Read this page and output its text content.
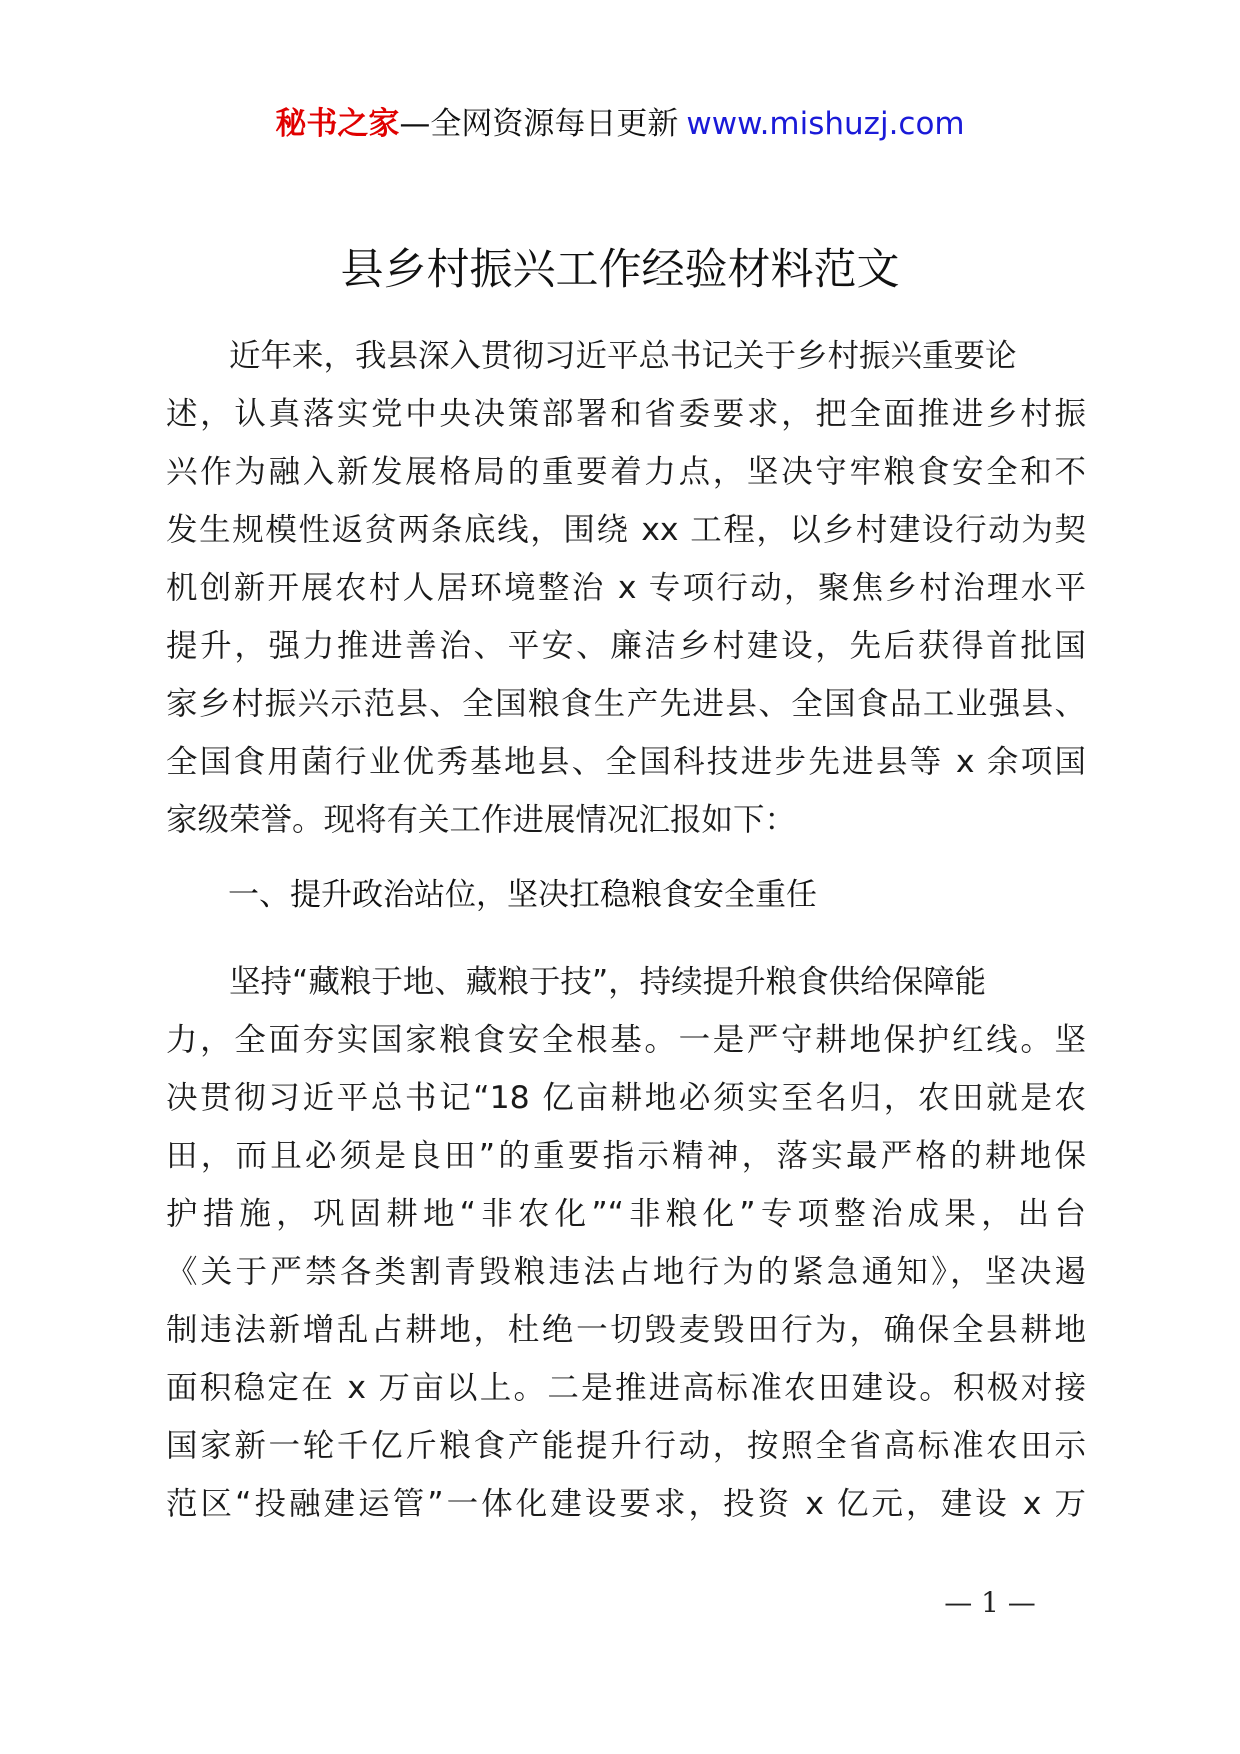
秘书之家—全网资源每日更新 www.mishuzj.com
县乡村振兴工作经验材料范文
近年来，我县深入贯彻习近平总书记关于乡村振兴重要论
述，认真落实党中央决策部署和省委要求，把全面推进乡村振
兴作为融入新发展格局的重要着力点，坚决守牢粮食安全和不
发生规模性返贫两条底线，围绕 xx 工程，以乡村建设行动为契
机创新开展农村人居环境整治 x 专项行动，聚焦乡村治理水平
提升，强力推进善治、平安、廉洁乡村建设，先后获得首批国
家乡村振兴示范县、全国粮食生产先进县、全国食品工业强县、
全国食用菌行业优秀基地县、全国科技进步先进县等 x 余项国
家级荣誉。现将有关工作进展情况汇报如下：
一、提升政治站位，坚决扛稳粮食安全重任
坚持“藏粮于地、藏粮于技”，持续提升粮食供给保障能
力，全面夯实国家粮食安全根基。一是严守耕地保护红线。坚
决贯彻习近平总书记“18 亿亩耕地必须实至名归，农田就是农
田，而且必须是良田”的重要指示精神，落实最严格的耕地保
护措施，巩固耕地“非农化”“非粮化”专项整治成果，出台
《关于严禁各类割青毁粮违法占地行为的紧急通知》，坚决遏
制违法新增乱占耕地，杜绝一切毁麦毁田行为，确保全县耕地
面积稳定在 x 万亩以上。二是推进高标准农田建设。积极对接
国家新一轮千亿斤粮食产能提升行动，按照全省高标准农田示
范区“投融建运管”一体化建设要求，投资 x 亿元，建设 x 万
— 1 —
